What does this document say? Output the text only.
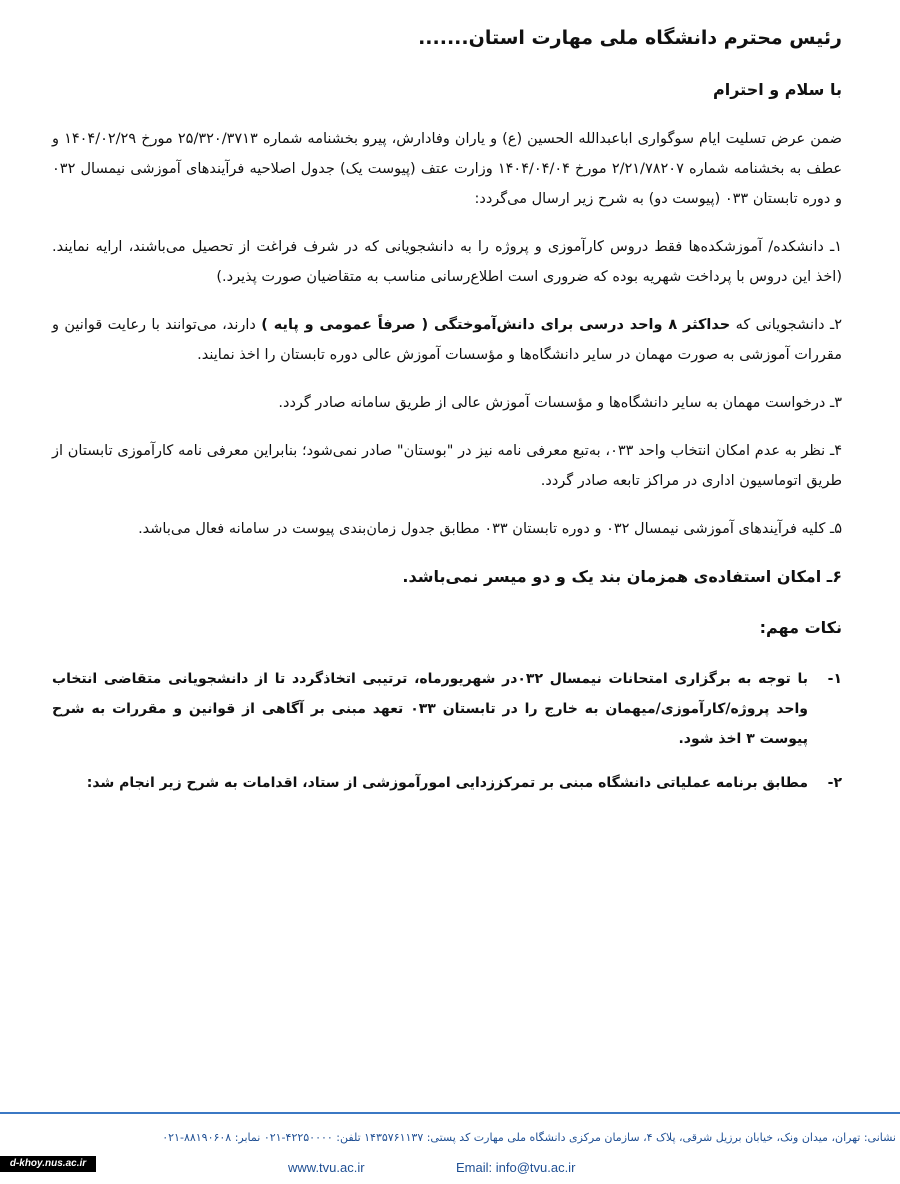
رئیس محترم دانشگاه ملی مهارت استان.......
با سلام و احترام
ضمن عرض تسلیت ایام سوگواری اباعبدالله الحسین (ع) و یاران وفادارش، پیرو بخشنامه شماره ۲۵/۳۲۰/۳۷۱۳ مورخ ۱۴۰۴/۰۲/۲۹ و عطف به بخشنامه شماره ۲/۲۱/۷۸۲۰۷ مورخ ۱۴۰۴/۰۴/۰۴ وزارت عتف (پیوست یک) جدول اصلاحیه فرآیندهای آموزشی نیمسال ۰۳۲ و دوره تابستان ۰۳۳ (پیوست دو) به شرح زیر ارسال می‌گردد:
۱ـ دانشکده/ آموزشکده‌ها فقط دروس کارآموزی و پروژه را به دانشجویانی که در شرف فراغت از تحصیل می‌باشند، ارایه نمایند. (اخذ این دروس با پرداخت شهریه بوده که ضروری است اطلاع‌رسانی مناسب به متقاضیان صورت پذیرد.)
۲ـ دانشجویانی که حداکثر ۸ واحد درسی برای دانش‌آموختگی ( صرفاً عمومی و پایه ) دارند، می‌توانند با رعایت قوانین و مقررات آموزشی به صورت مهمان در سایر دانشگاه‌ها و مؤسسات آموزش عالی دوره تابستان را اخذ نمایند.
۳ـ درخواست مهمان به سایر دانشگاه‌ها و مؤسسات آموزش عالی از طریق سامانه صادر گردد.
۴ـ نظر به عدم امکان انتخاب واحد ۰۳۳، به‌تبع معرفی نامه نیز در "بوستان" صادر نمی‌شود؛ بنابراین معرفی نامه کارآموزی تابستان از طریق اتوماسیون اداری در مراکز تابعه صادر گردد.
۵ـ کلیه فرآیندهای آموزشی نیمسال ۰۳۲ و دوره تابستان ۰۳۳ مطابق جدول زمان‌بندی پیوست در سامانه فعال می‌باشد.
۶ـ امکان استفاده‌ی همزمان بند یک و دو میسر نمی‌باشد.
نکات مهم:
۱-
با توجه به برگزاری امتحانات نیمسال ۰۳۲در شهریورماه، ترتیبی اتخاذگردد تا از دانشجویانی متقاضی انتخاب واحد پروژه/کارآموزی/میهمان به خارج را در تابستان ۰۳۳ تعهد مبنی بر آگاهی از قوانین و مقررات به شرح پیوست ۳ اخذ شود.
۲-
مطابق برنامه عملیاتی دانشگاه مبنی بر تمرکززدایی امورآموزشی از ستاد، اقدامات به شرح زیر انجام شد:
نشانی: تهران، میدان ونک، خیابان برزیل شرقی، پلاک ۴، سازمان مرکزی دانشگاه ملی مهارت کد پستی: ۱۴۳۵۷۶۱۱۳۷ تلفن: ۴۲۲۵۰۰۰۰-۰۲۱ نمابر: ۸۸۱۹۰۶۰۸-۰۲۱
www.tvu.ac.ir	Email: info@tvu.ac.ir
d-khoy.nus.ac.ir
